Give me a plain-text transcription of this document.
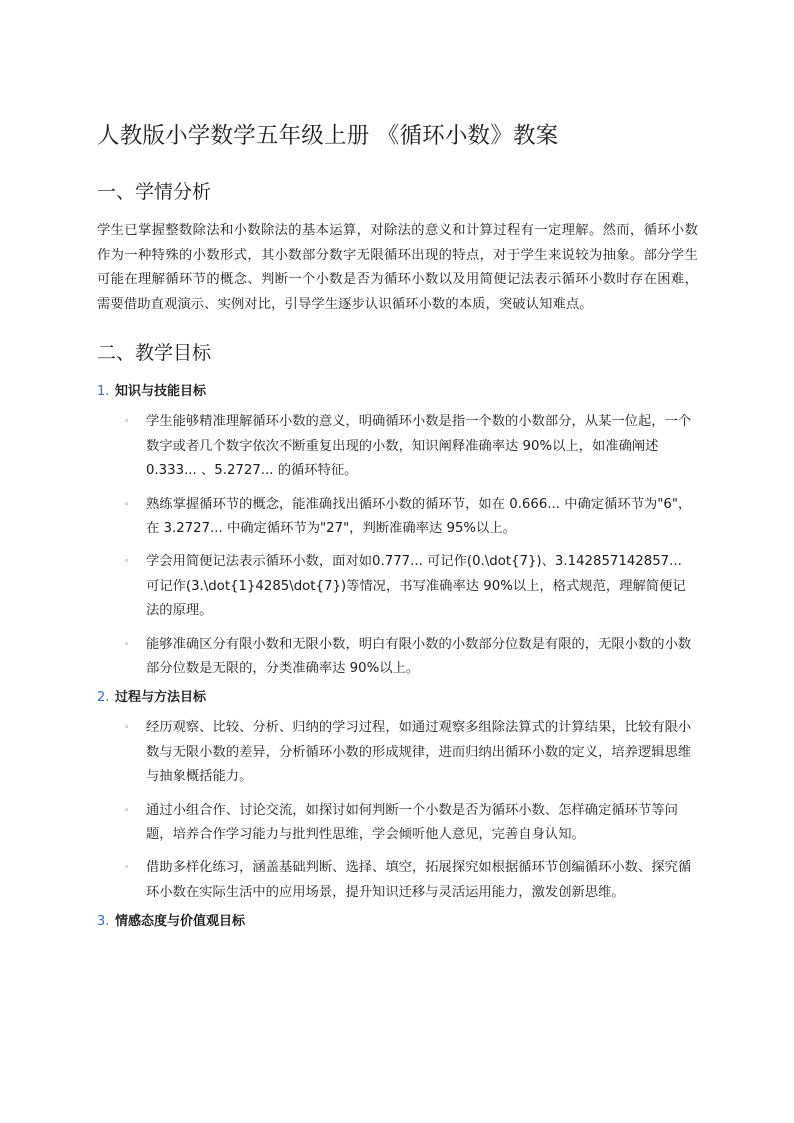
人教版小学数学五年级上册 《循环小数》教案
一、学情分析

学生已掌握整数除法和小数除法的基本运算，对除法的意义和计算过程有一定理解。然而，循环小数作为一种特殊的小数形式，其小数部分数字无限循环出现的特点，对于学生来说较为抽象。部分学生可能在理解循环节的概念、判断一个小数是否为循环小数以及用简便记法表示循环小数时存在困难，需要借助直观演示、实例对比，引导学生逐步认识循环小数的本质，突破认知难点。

二、教学目标
1. 知识与技能目标
◦ 学生能够精准理解循环小数的意义，明确循环小数是指一个数的小数部分，从某一位起，一个数字或者几个数字依次不断重复出现的小数，知识阐释准确率达 90%以上，如准确阐述 0.333... 、5.2727... 的循环特征。
◦ 熟练掌握循环节的概念，能准确找出循环小数的循环节，如在 0.666... 中确定循环节为"6"，在 3.2727... 中确定循环节为"27"，判断准确率达 95%以上。
◦ 学会用简便记法表示循环小数，面对如0.777... 可记作(0.\dot{7})、3.142857142857... 可记作(3.\dot{1}4285\dot{7})等情况，书写准确率达 90%以上，格式规范，理解简便记法的原理。
◦ 能够准确区分有限小数和无限小数，明白有限小数的小数部分位数是有限的，无限小数的小数部分位数是无限的，分类准确率达 90%以上。
2. 过程与方法目标
◦ 经历观察、比较、分析、归纳的学习过程，如通过观察多组除法算式的计算结果，比较有限小数与无限小数的差异，分析循环小数的形成规律，进而归纳出循环小数的定义，培养逻辑思维与抽象概括能力。
◦ 通过小组合作、讨论交流，如探讨如何判断一个小数是否为循环小数、怎样确定循环节等问题，培养合作学习能力与批判性思维，学会倾听他人意见，完善自身认知。
◦ 借助多样化练习，涵盖基础判断、选择、填空，拓展探究如根据循环节创编循环小数、探究循环小数在实际生活中的应用场景，提升知识迁移与灵活运用能力，激发创新思维。
3. 情感态度与价值观目标
